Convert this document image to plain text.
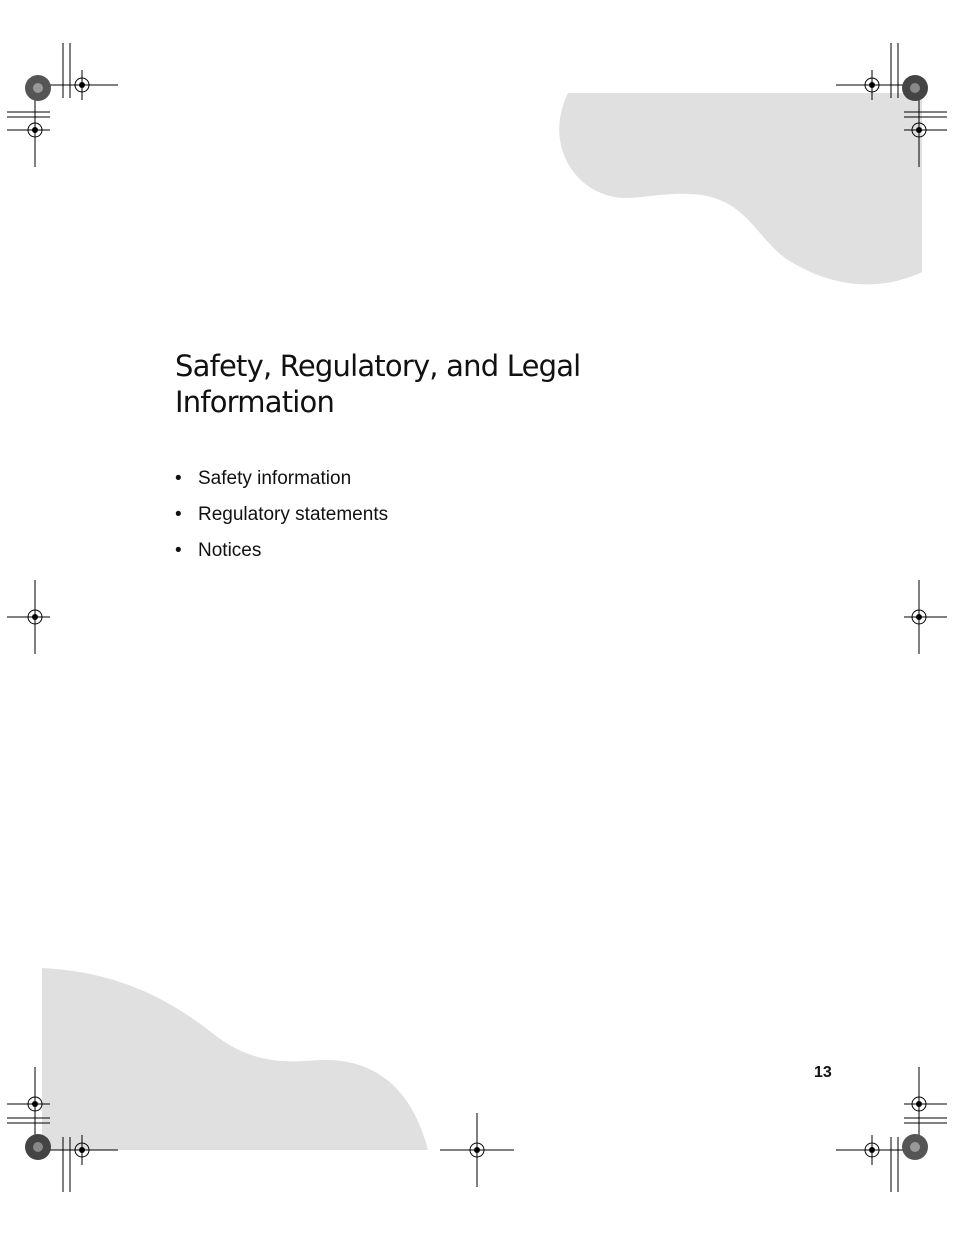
Safety, Regulatory, and Legal
Information
• Safety information
• Regulatory statements
• Notices
13
